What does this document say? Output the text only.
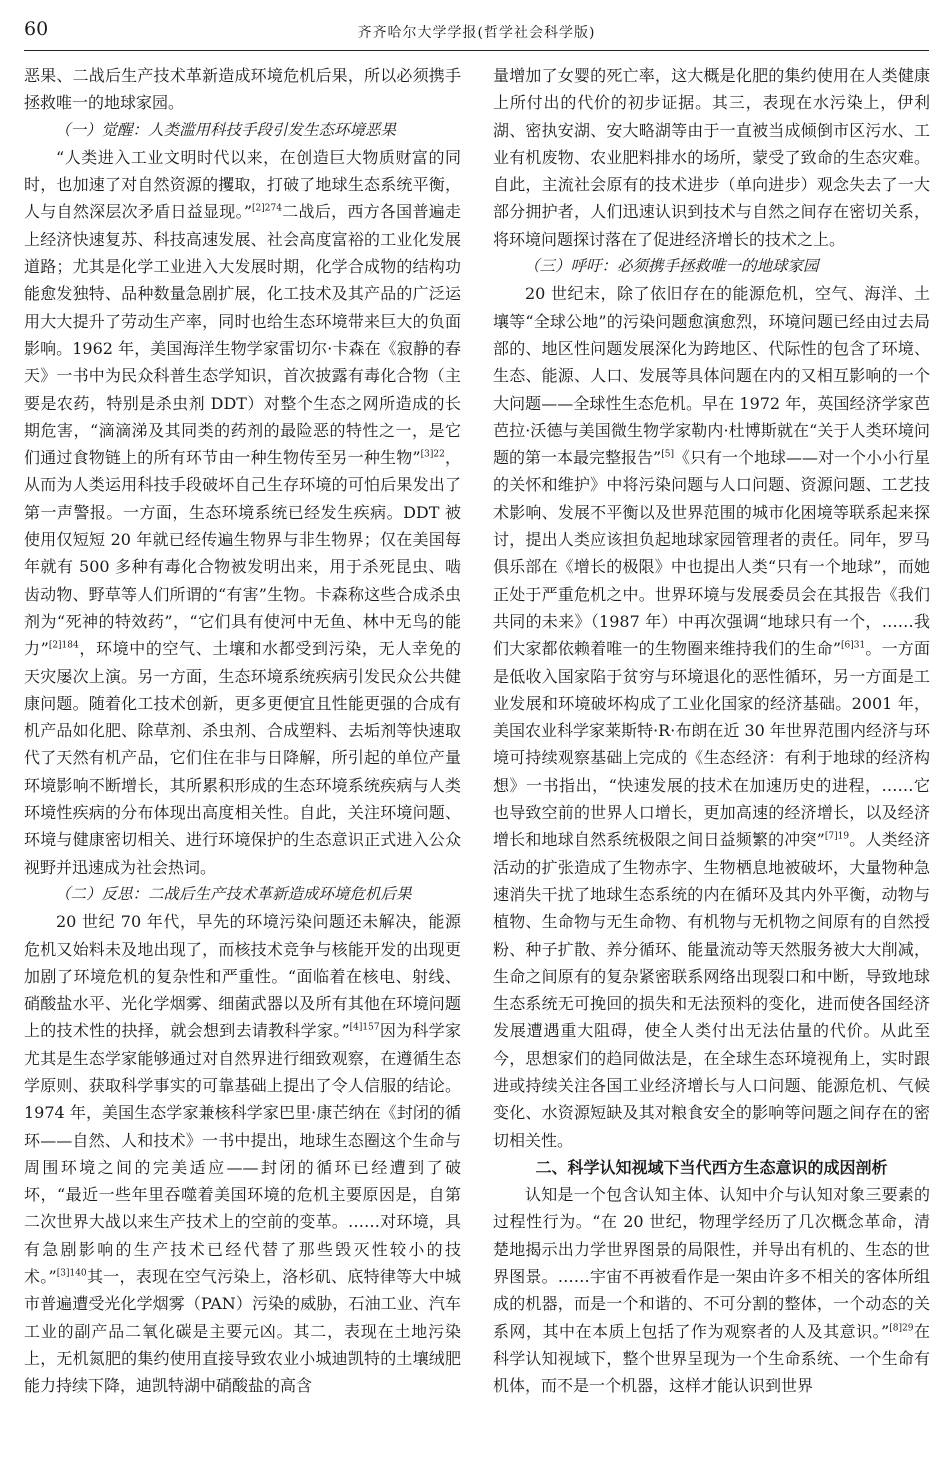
60	齐齐哈尔大学学报(哲学社会科学版)

恶果、二战后生产技术革新造成环境危机后果，所以必须携手拯救唯一的地球家园。

（一）觉醒：人类滥用科技手段引发生态环境恶果

“人类进入工业文明时代以来，在创造巨大物质财富的同时，也加速了对自然资源的攫取，打破了地球生态系统平衡，人与自然深层次矛盾日益显现。”$^{[2]274}$二战后，西方各国普遍走上经济快速复苏、科技高速发展、社会高度富裕的工业化发展道路；尤其是化学工业进入大发展时期，化学合成物的结构功能愈发独特、品种数量急剧扩展，化工技术及其产品的广泛运用大大提升了劳动生产率，同时也给生态环境带来巨大的负面影响。1962 年，美国海洋生物学家雷切尔·卡森在《寂静的春天》一书中为民众科普生态学知识，首次披露有毒化合物（主要是农药，特别是杀虫剂 DDT）对整个生态之网所造成的长期危害，“滴滴涕及其同类的药剂的最险恶的特性之一，是它们通过食物链上的所有环节由一种生物传至另一种生物”$^{[3]22}$，从而为人类运用科技手段破坏自己生存环境的可怕后果发出了第一声警报。一方面，生态环境系统已经发生疾病。DDT 被使用仅短短 20 年就已经传遍生物界与非生物界；仅在美国每年就有 500 多种有毒化合物被发明出来，用于杀死昆虫、啮齿动物、野草等人们所谓的“有害”生物。卡森称这些合成杀虫剂为“死神的特效药”，“它们具有使河中无鱼、林中无鸟的能力”$^{[2]184}$，环境中的空气、土壤和水都受到污染，无人幸免的天灾屡次上演。另一方面，生态环境系统疾病引发民众公共健康问题。随着化工技术创新，更多更便宜且性能更强的合成有机产品如化肥、除草剂、杀虫剂、合成塑料、去垢剂等快速取代了天然有机产品，它们住在非与日降解，所引起的单位产量环境影响不断增长，其所累积形成的生态环境系统疾病与人类环境性疾病的分布体现出高度相关性。自此，关注环境问题、环境与健康密切相关、进行环境保护的生态意识正式进入公众视野并迅速成为社会热词。

（二）反思：二战后生产技术革新造成环境危机后果

20 世纪 70 年代，早先的环境污染问题还未解决，能源危机又始料未及地出现了，而核技术竞争与核能开发的出现更加剧了环境危机的复杂性和严重性。“面临着在核电、射线、硝酸盐水平、光化学烟雾、细菌武器以及所有其他在环境问题上的技术性的抉择，就会想到去请教科学家。”$^{[4]157}$因为科学家尤其是生态学家能够通过对自然界进行细致观察，在遵循生态学原则、获取科学事实的可靠基础上提出了令人信服的结论。1974 年，美国生态学家兼核科学家巴里·康芒纳在《封闭的循环——自然、人和技术》一书中提出，地球生态圈这个生命与周围环境之间的完美适应——封闭的循环已经遭到了破坏，“最近一些年里吞噬着美国环境的危机主要原因是，自第二次世界大战以来生产技术上的空前的变革。……对环境，具有急剧影响的生产技术已经代替了那些毁灭性较小的技术。”$^{[3]140}$其一，表现在空气污染上，洛杉矶、底特律等大中城市普遍遭受光化学烟雾（PAN）污染的威胁，石油工业、汽车工业的副产品二氧化碳是主要元凶。其二，表现在土地污染上，无机氮肥的集约使用直接导致农业小城迪凯特的土壤绒肥能力持续下降，迪凯特湖中硝酸盐的高含

量增加了女婴的死亡率，这大概是化肥的集约使用在人类健康上所付出的代价的初步证据。其三，表现在水污染上，伊利湖、密执安湖、安大略湖等由于一直被当成倾倒市区污水、工业有机废物、农业肥料排水的场所，蒙受了致命的生态灾难。自此，主流社会原有的技术进步（单向进步）观念失去了一大部分拥护者，人们迅速认识到技术与自然之间存在密切关系，将环境问题探讨落在了促进经济增长的技术之上。

（三）呼吁：必须携手拯救唯一的地球家园

20 世纪末，除了依旧存在的能源危机，空气、海洋、土壤等“全球公地”的污染问题愈演愈烈，环境问题已经由过去局部的、地区性问题发展深化为跨地区、代际性的包含了环境、生态、能源、人口、发展等具体问题在内的又相互影响的一个大问题——全球性生态危机。早在 1972 年，英国经济学家芭芭拉·沃德与美国微生物学家勒内·杜博斯就在“关于人类环境问题的第一本最完整报告”[5]《只有一个地球——对一个小小行星的关怀和维护》中将污染问题与人口问题、资源问题、工艺技术影响、发展不平衡以及世界范围的城市化困境等联系起来探讨，提出人类应该担负起地球家园管理者的责任。同年，罗马俱乐部在《增长的极限》中也提出人类“只有一个地球”，而她正处于严重危机之中。世界环境与发展委员会在其报告《我们共同的未来》（1987 年）中再次强调“地球只有一个，……我们大家都依赖着唯一的生物圈来维持我们的生命”$^{[6]31}$。一方面是低收入国家陷于贫穷与环境退化的恶性循环，另一方面是工业发展和环境破坏构成了工业化国家的经济基础。2001 年，美国农业科学家莱斯特·R·布朗在近 30 年世界范围内经济与环境可持续观察基础上完成的《生态经济：有利于地球的经济构想》一书指出，“快速发展的技术在加速历史的进程，……它也导致空前的世界人口增长，更加高速的经济增长，以及经济增长和地球自然系统极限之间日益频繁的冲突”$^{[7]19}$。人类经济活动的扩张造成了生物赤字、生物栖息地被破坏，大量物种急速消失干扰了地球生态系统的内在循环及其内外平衡，动物与植物、生命物与无生命物、有机物与无机物之间原有的自然授粉、种子扩散、养分循环、能量流动等天然服务被大大削减，生命之间原有的复杂紧密联系网络出现裂口和中断，导致地球生态系统无可挽回的损失和无法预料的变化，进而使各国经济发展遭遇重大阻碍，使全人类付出无法估量的代价。从此至今，思想家们的趋同做法是，在全球生态环境视角上，实时跟进或持续关注各国工业经济增长与人口问题、能源危机、气候变化、水资源短缺及其对粮食安全的影响等问题之间存在的密切相关性。

二、科学认知视域下当代西方生态意识的成因剖析

认知是一个包含认知主体、认知中介与认知对象三要素的过程性行为。“在 20 世纪，物理学经历了几次概念革命，清楚地揭示出力学世界图景的局限性，并导出有机的、生态的世界图景。……宇宙不再被看作是一架由许多不相关的客体所组成的机器，而是一个和谐的、不可分割的整体，一个动态的关系网，其中在本质上包括了作为观察者的人及其意识。”$^{[8]29}$在科学认知视域下，整个世界呈现为一个生命系统、一个生命有机体，而不是一个机器，这样才能认识到世界
